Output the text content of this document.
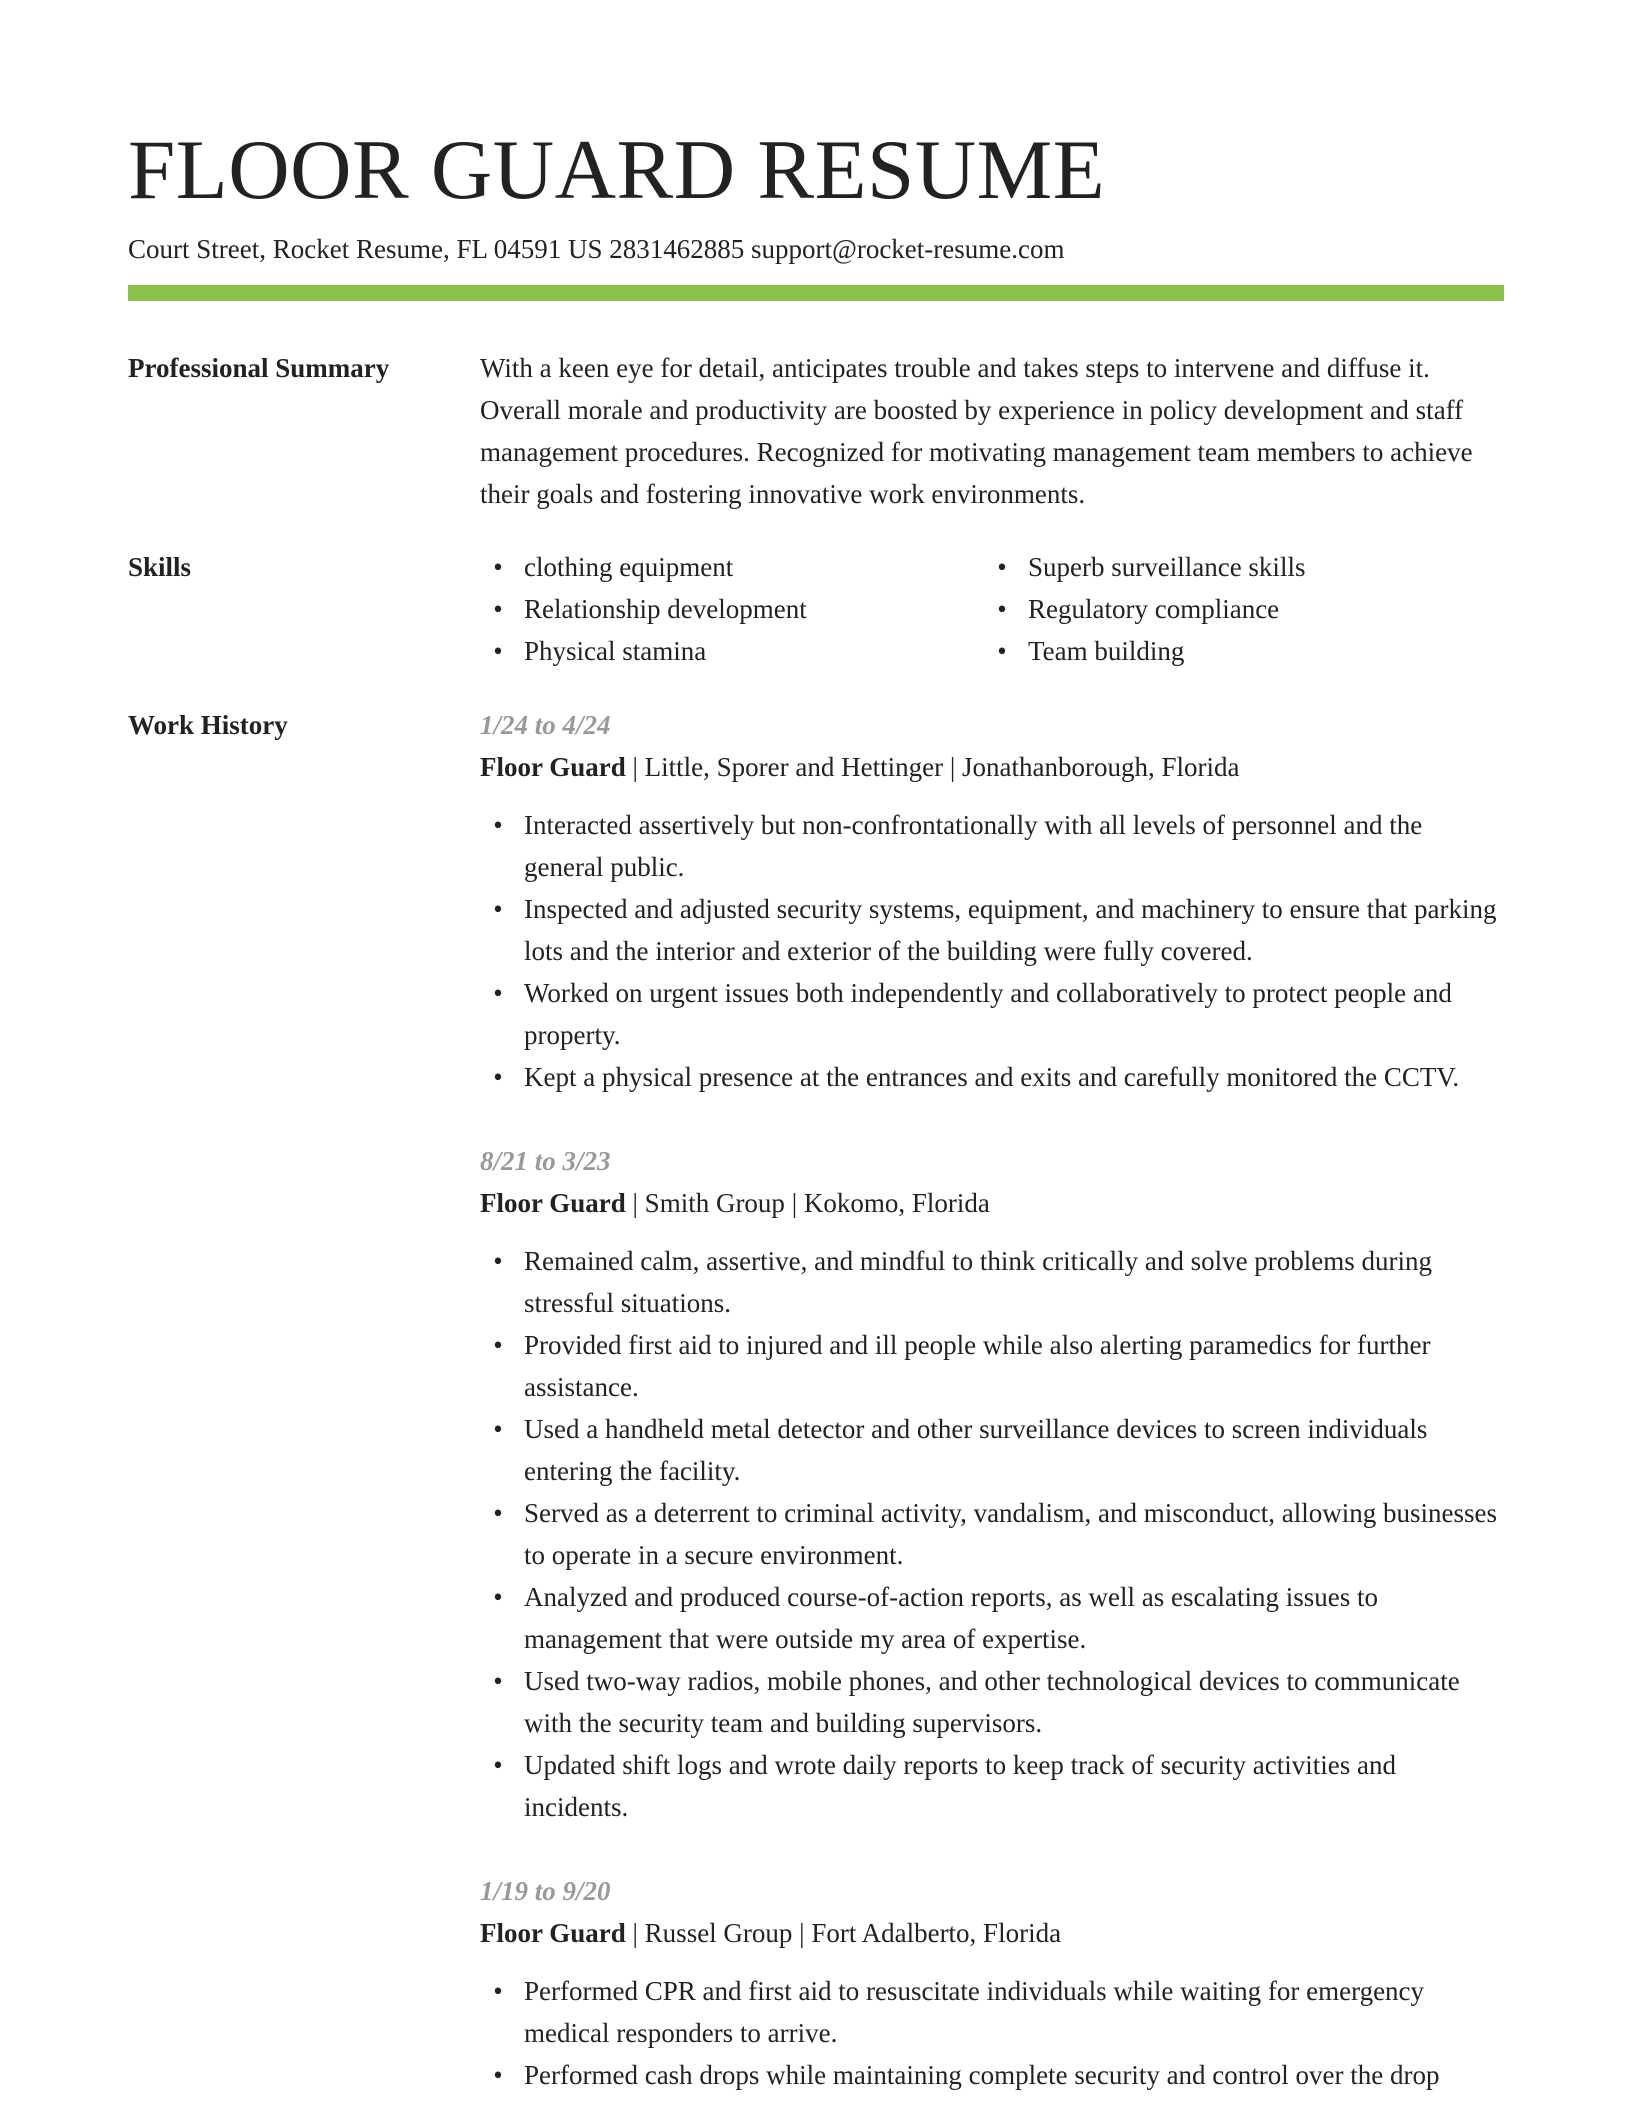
FLOOR GUARD RESUME
Court Street, Rocket Resume, FL 04591 US 2831462885 support@rocket-resume.com
Professional Summary	With a keen eye for detail, anticipates trouble and takes steps to intervene and diffuse it. Overall morale and productivity are boosted by experience in policy development and staff management procedures. Recognized for motivating management team members to achieve their goals and fostering innovative work environments.

Skills	• clothing equipment
• Relationship development
• Physical stamina
• Superb surveillance skills
• Regulatory compliance
• Team building
Work History	1/24 to 4/24
Floor Guard | Little, Sporer and Hettinger | Jonathanborough, Florida
• Interacted assertively but non-confrontationally with all levels of personnel and the general public.
• Inspected and adjusted security systems, equipment, and machinery to ensure that parking lots and the interior and exterior of the building were fully covered.
• Worked on urgent issues both independently and collaboratively to protect people and property.
• Kept a physical presence at the entrances and exits and carefully monitored the CCTV.
8/21 to 3/23
Floor Guard | Smith Group | Kokomo, Florida
• Remained calm, assertive, and mindful to think critically and solve problems during stressful situations.
• Provided first aid to injured and ill people while also alerting paramedics for further assistance.
• Used a handheld metal detector and other surveillance devices to screen individuals entering the facility.
• Served as a deterrent to criminal activity, vandalism, and misconduct, allowing businesses to operate in a secure environment.
• Analyzed and produced course-of-action reports, as well as escalating issues to management that were outside my area of expertise.
• Used two-way radios, mobile phones, and other technological devices to communicate with the security team and building supervisors.
• Updated shift logs and wrote daily reports to keep track of security activities and incidents.
1/19 to 9/20
Floor Guard | Russel Group | Fort Adalberto, Florida
• Performed CPR and first aid to resuscitate individuals while waiting for emergency medical responders to arrive.
• Performed cash drops while maintaining complete security and control over the drop
